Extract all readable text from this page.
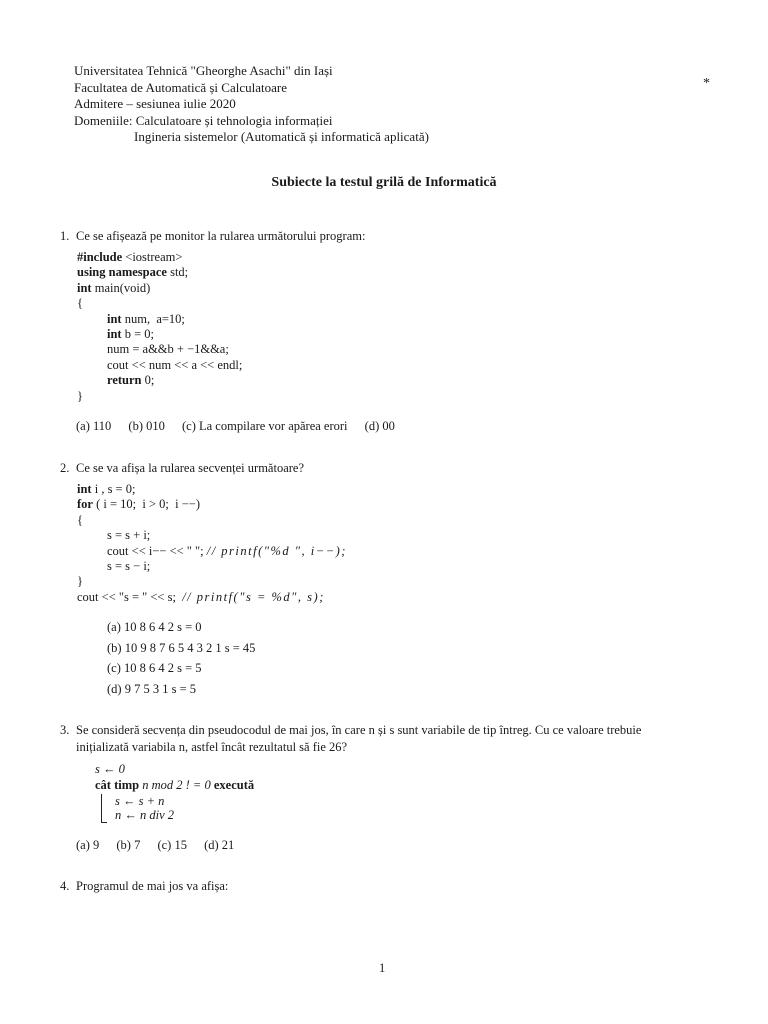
Universitatea Tehnică "Gheorghe Asachi" din Iași
Facultatea de Automatică și Calculatoare
Admitere – sesiunea iulie 2020
Domeniile: Calculatoare și tehnologia informației
Ingineria sistemelor (Automatică și informatică aplicată)
*
Subiecte la testul grilă de Informatică
1. Ce se afișează pe monitor la rularea următorului program:
#include <iostream>
using namespace std;
int main(void)
{
int num,  a=10;
int b = 0;
num = a&&b + −1&&a;
cout << num << a << endl;
return 0;
}
(a) 110 (b) 010 (c) La compilare vor apărea erori (d) 00
2. Ce se va afișa la rularea secvenței următoare?
int i , s = 0;
for ( i = 10;  i > 0;  i −−)
{
s = s + i;
cout << i−− << " "; // printf("%d ", i−−);
s = s − i;
}
cout << "s = " << s;  // printf("s = %d", s);
(a) 10 8 6 4 2 s = 0
(b) 10 9 8 7 6 5 4 3 2 1 s = 45
(c) 10 8 6 4 2 s = 5
(d) 9 7 5 3 1 s = 5
3. Se consideră secvența din pseudocodul de mai jos, în care n și s sunt variabile de tip întreg. Cu ce valoare trebuie
inițializată variabila n, astfel încât rezultatul să fie 26?
s ← 0
cât timp n mod 2 ! = 0 execută
s ← s + n
n ← n div 2
(a) 9 (b) 7 (c) 15 (d) 21
4. Programul de mai jos va afișa:
1
